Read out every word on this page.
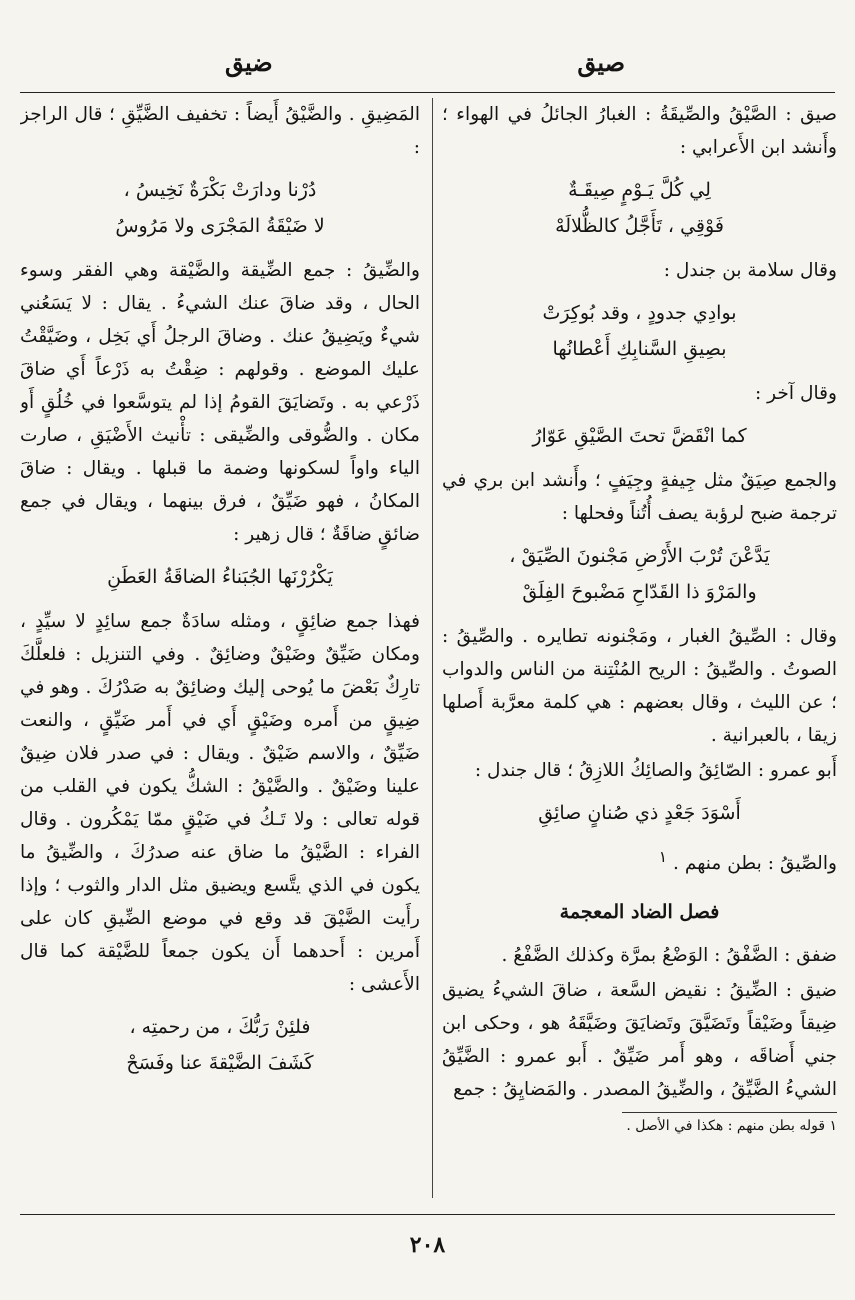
صيق
ضيق

صيق : الصَّيْقُ والصِّيقَةُ : الغبارُ الجائلُ في الهواء ؛ وأَنشد ابن الأَعرابي :

لِي كُلَّ يَـوْمٍ صِيقَـةٌ
فَوْقِي ، تَأَجَّلُ كالظُّلالَهْ

وقال سلامة بن جندل :

بوادِي جدودٍ ، وقد بُوكِرَتْ
بصِيقِ السَّنابِكِ أَعْطانُها

وقال آخر :

كما انْقَضَّ تحتَ الصَّيْقِ عَوّارُ

والجمع صِيَقٌ مثل جِيفةٍ وجِيَفٍ ؛ وأَنشد ابن بري في ترجمة ضبح لرؤبة يصف أُتُناً وفحلها :

يَدَّعْنَ تُرْبَ الأَرْضِ مَجْنونَ الصِّيَقْ ،
والمَرْوَ ذا القَدّاحِ مَضْبوحَ الفِلَقْ

وقال : الصِّيقُ الغبار ، ومَجْنونه تطايره . والصِّيقُ : الصوتُ . والصِّيقُ : الريح المُنْتِنة من الناس والدواب ؛ عن الليث ، وقال بعضهم : هي كلمة معرَّبة أَصلها زيقا ، بالعبرانية .

أَبو عمرو : الصّائِقُ والصائِكُ اللازِقُ ؛ قال جندل :

أَسْوَدَ جَعْدٍ ذي صُنانٍ صائِقِ

والصِّيقُ : بطن منهم . $^١$

فصل الضاد المعجمة

ضفق : الضَّفْقُ : الوَضْعُ بمرَّة وكذلك الضَّفْعُ .

ضيق : الضِّيقُ : نقيض السَّعة ، ضاقَ الشيءُ يضيق ضِيقاً وضَيْقاً وتَضَيَّقَ وتَضايَقَ وضَيَّقَهُ هو ، وحكى ابن جني أَضاقَه ، وهو أَمر ضَيِّقٌ . أَبو عمرو : الضَّيِّقُ الشيءُ الضَّيِّقُ ، والضِّيقُ المصدر . والمَضايِقُ : جمع

١ قوله بطن منهم : هكذا في الأصل .

المَضِيقِ . والضَّيْقُ أَيضاً : تخفيف الضَّيِّقِ ؛ قال الراجز :

دُرْنا ودارَتْ بَكْرَةٌ نَخِيسُ ،
لا ضَيْقَةُ المَجْرَى ولا مَرُوسُ

والضِّيقُ : جمع الضِّيقة والضَّيْقة وهي الفقر وسوء الحال ، وقد ضاقَ عنك الشيءُ . يقال : لا يَسَعُني شيءٌ ويَضِيقُ عنك . وضاقَ الرجلُ أَي بَخِل ، وضَيَّقْتُ عليك الموضع . وقولهم : ضِقْتُ به ذَرْعاً أَي ضاقَ ذَرْعي به . وتَضايَقَ القومُ إذا لم يتوسَّعوا في خُلُقٍ أَو مكان . والضُّوقى والضِّيقى : تأْنيث الأَضْيَقِ ، صارت الياء واواً لسكونها وضمة ما قبلها . ويقال : ضاقَ المكانُ ، فهو ضَيِّقٌ ، فرق بينهما ، ويقال في جمع ضائقٍ ضاقَةٌ ؛ قال زهير :

يَكْرُرْنَها الجُبَناءُ الضاقَةُ العَطَنِ

فهذا جمع ضائِقٍ ، ومثله سادَةٌ جمع سائِدٍ لا سيِّدٍ ، ومكان ضَيِّقٌ وضَيْقٌ وضائِقٌ . وفي التنزيل : فلعلَّكَ تارِكٌ بَعْضَ ما يُوحى إليك وضائِقٌ به صَدْرُكَ . وهو في ضِيقٍ من أَمره وضَيْقٍ أَي في أَمر ضَيِّقٍ ، والنعت ضَيِّقٌ ، والاسم ضَيْقٌ . ويقال : في صدر فلان ضِيقٌ علينا وضَيْقٌ . والضَّيْقُ : الشكُّ يكون في القلب من قوله تعالى : ولا تَـكُ في ضَيْقٍ ممّا يَمْكُرون . وقال الفراء : الضَّيْقُ ما ضاق عنه صدرُكَ ، والضِّيقُ ما يكون في الذي يتَّسع ويضيق مثل الدار والثوب ؛ وإذا رأَيت الضَّيْقَ قد وقع في موضع الضِّيقِ كان على أَمرين : أَحدهما أَن يكون جمعاً للضَّيْقة كما قال الأَعشى :

فلئِنْ رَبُّكَ ، من رحمتِه ،
كَشَفَ الضَّيْقةَ عنا وفَسَحْ
٢٠٨
